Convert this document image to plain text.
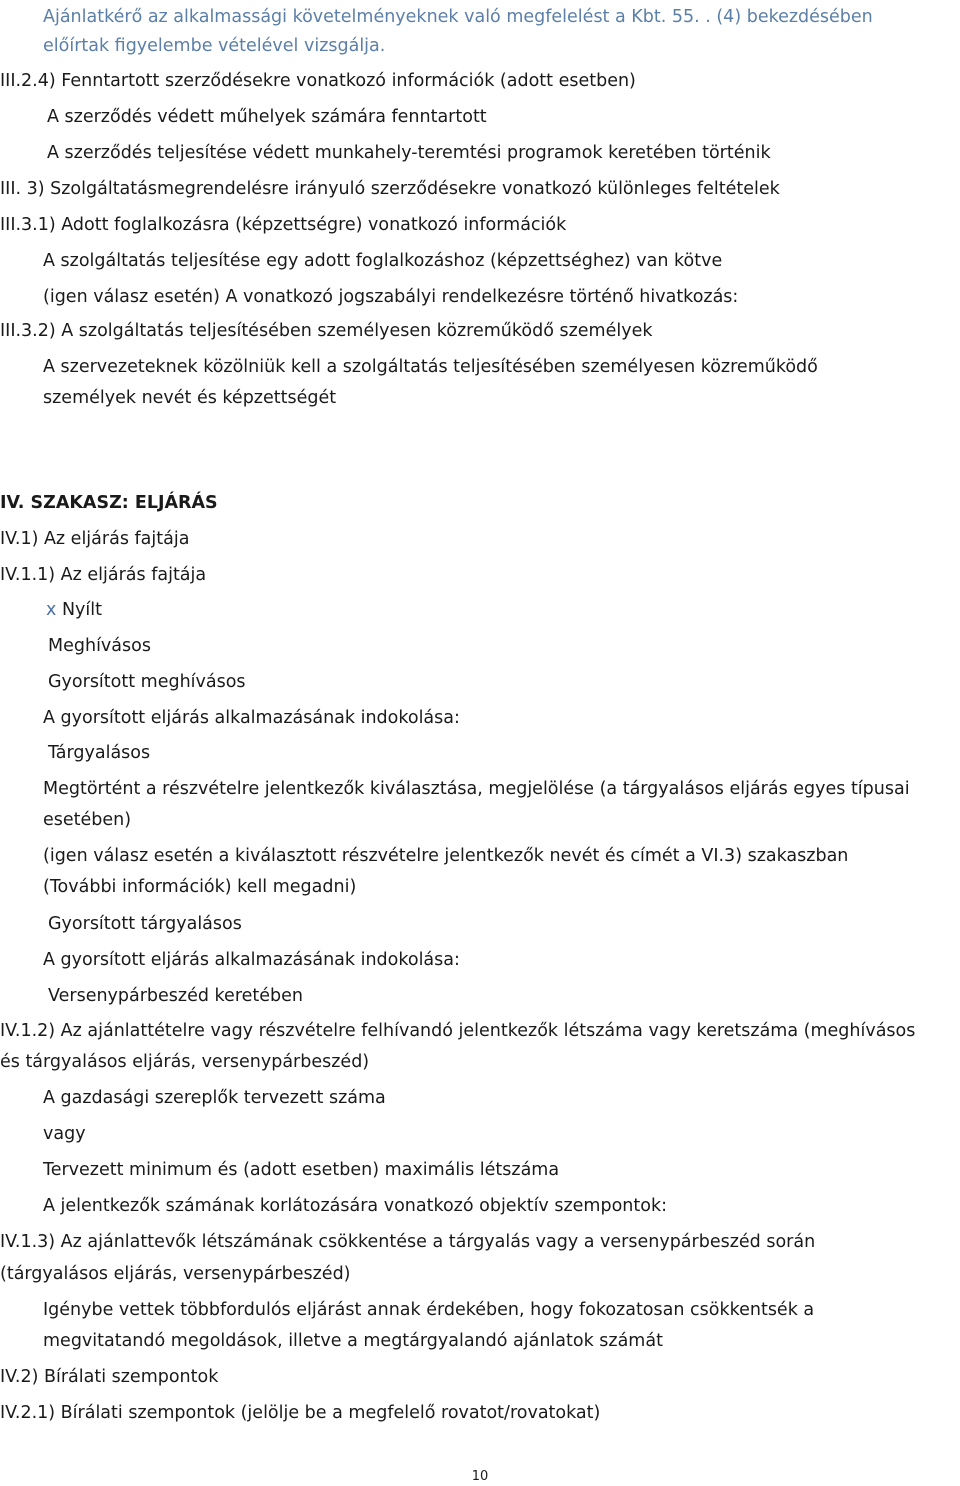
Ajánlatkérő az alkalmassági követelményeknek való megfelelést a Kbt. 55. . (4) bekezdésében
előírtak figyelembe vételével vizsgálja.
III.2.4) Fenntartott szerződésekre vonatkozó információk (adott esetben)
A szerződés védett műhelyek számára fenntartott
A szerződés teljesítése védett munkahely-teremtési programok keretében történik
III. 3) Szolgáltatásmegrendelésre irányuló szerződésekre vonatkozó különleges feltételek
III.3.1) Adott foglalkozásra (képzettségre) vonatkozó információk
A szolgáltatás teljesítése egy adott foglalkozáshoz (képzettséghez) van kötve
(igen válasz esetén) A vonatkozó jogszabályi rendelkezésre történő hivatkozás:
III.3.2) A szolgáltatás teljesítésében személyesen közreműködő személyek
A szervezeteknek közölniük kell a szolgáltatás teljesítésében személyesen közreműködő
személyek nevét és képzettségét
IV. SZAKASZ: ELJÁRÁS
IV.1) Az eljárás fajtája
IV.1.1) Az eljárás fajtája
x Nyílt
Meghívásos
Gyorsított meghívásos
A gyorsított eljárás alkalmazásának indokolása:
Tárgyalásos
Megtörtént a részvételre jelentkezők kiválasztása, megjelölése (a tárgyalásos eljárás egyes típusai
esetében)
(igen válasz esetén a kiválasztott részvételre jelentkezők nevét és címét a VI.3) szakaszban
(További információk) kell megadni)
Gyorsított tárgyalásos
A gyorsított eljárás alkalmazásának indokolása:
Versenypárbeszéd keretében
IV.1.2) Az ajánlattételre vagy részvételre felhívandó jelentkezők létszáma vagy keretszáma (meghívásos
és tárgyalásos eljárás, versenypárbeszéd)
A gazdasági szereplők tervezett száma
vagy
Tervezett minimum és (adott esetben) maximális létszáma
A jelentkezők számának korlátozására vonatkozó objektív szempontok:
IV.1.3) Az ajánlattevők létszámának csökkentése a tárgyalás vagy a versenypárbeszéd során
(tárgyalásos eljárás, versenypárbeszéd)
Igénybe vettek többfordulós eljárást annak érdekében, hogy fokozatosan csökkentsék a
megvitatandó megoldások, illetve a megtárgyalandó ajánlatok számát
IV.2) Bírálati szempontok
IV.2.1) Bírálati szempontok (jelölje be a megfelelő rovatot/rovatokat)
10
